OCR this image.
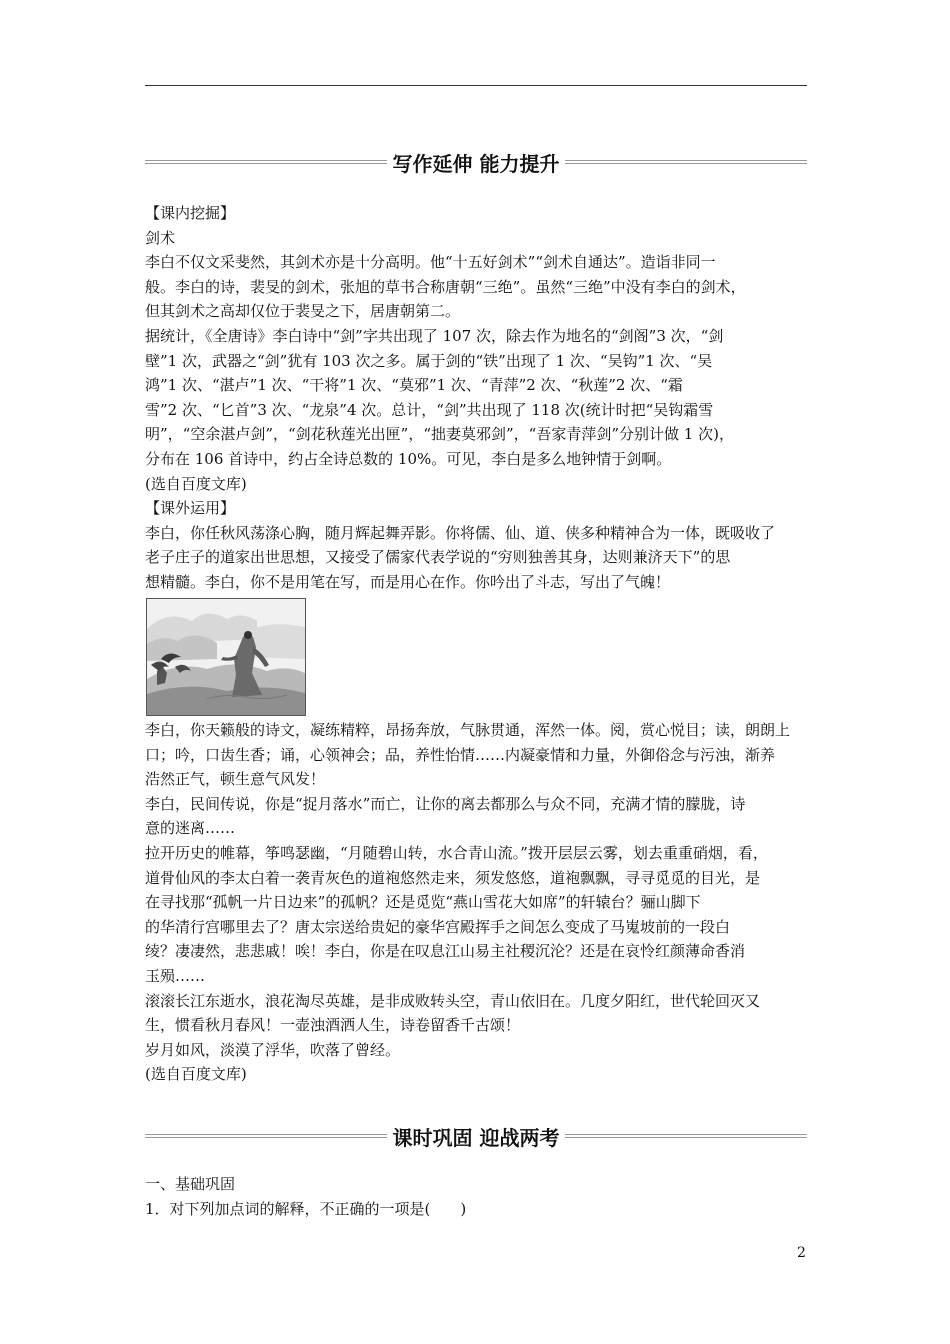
写作延伸 能力提升

【课内挖掘】

剑术

李白不仅文采斐然，其剑术亦是十分高明。他“十五好剑术”“剑术自通达”。造诣非同一

般。李白的诗，裴旻的剑术，张旭的草书合称唐朝“三绝”。虽然“三绝”中没有李白的剑术，

但其剑术之高却仅位于裴旻之下，居唐朝第二。

据统计，《全唐诗》李白诗中“剑”字共出现了 107 次，除去作为地名的“剑阁”3 次，“剑

壁”1 次，武器之“剑”犹有 103 次之多。属于剑的“铁”出现了 1 次、“吴钩”1 次、“吴

鸿”1 次、“湛卢”1 次、“干将”1 次、“莫邪”1 次、“青萍”2 次、“秋莲”2 次、“霜

雪”2 次、“匕首”3 次、“龙泉”4 次。总计，“剑”共出现了 118 次(统计时把“吴钩霜雪

明”，“空余湛卢剑”，“剑花秋莲光出匣”，“拙妻莫邪剑”，“吾家青萍剑”分别计做 1 次)，

分布在 106 首诗中，约占全诗总数的 10%。可见，李白是多么地钟情于剑啊。

(选自百度文库)

【课外运用】

李白，你任秋风荡涤心胸，随月辉起舞弄影。你将儒、仙、道、侠多种精神合为一体，既吸收了

老子庄子的道家出世思想，又接受了儒家代表学说的“穷则独善其身，达则兼济天下”的思

想精髓。李白，你不是用笔在写，而是用心在作。你吟出了斗志，写出了气魄！

李白，你天籁般的诗文，凝练精粹，昂扬奔放，气脉贯通，浑然一体。阅，赏心悦目；读，朗朗上

口；吟，口齿生香；诵，心领神会；品，养性怡情……内凝豪情和力量，外御俗念与污浊，渐养

浩然正气，顿生意气风发！

李白，民间传说，你是“捉月落水”而亡，让你的离去都那么与众不同，充满才情的朦胧，诗

意的迷离……

拉开历史的帷幕，筝鸣瑟幽，“月随碧山转，水合青山流。”拨开层层云雾，划去重重硝烟，看，

道骨仙风的李太白着一袭青灰色的道袍悠然走来，须发悠悠，道袍飘飘，寻寻觅觅的目光，是

在寻找那“孤帆一片日边来”的孤帆？还是觅览“燕山雪花大如席”的轩辕台？骊山脚下

的华清行宫哪里去了？唐太宗送给贵妃的豪华宫殿挥手之间怎么变成了马嵬坡前的一段白

绫？凄凄然，悲悲戚！唉！李白，你是在叹息江山易主社稷沉沦？还是在哀怜红颜薄命香消

玉殒……

滚滚长江东逝水，浪花淘尽英雄，是非成败转头空，青山依旧在。几度夕阳红，世代轮回灭又

生，惯看秋月春风！一壶浊酒洒人生，诗卷留香千古颂！

岁月如风，淡漠了浮华，吹落了曾经。

(选自百度文库)

课时巩固 迎战两考

一、基础巩固

1．对下列加点词的解释，不正确的一项是(　　)

2
